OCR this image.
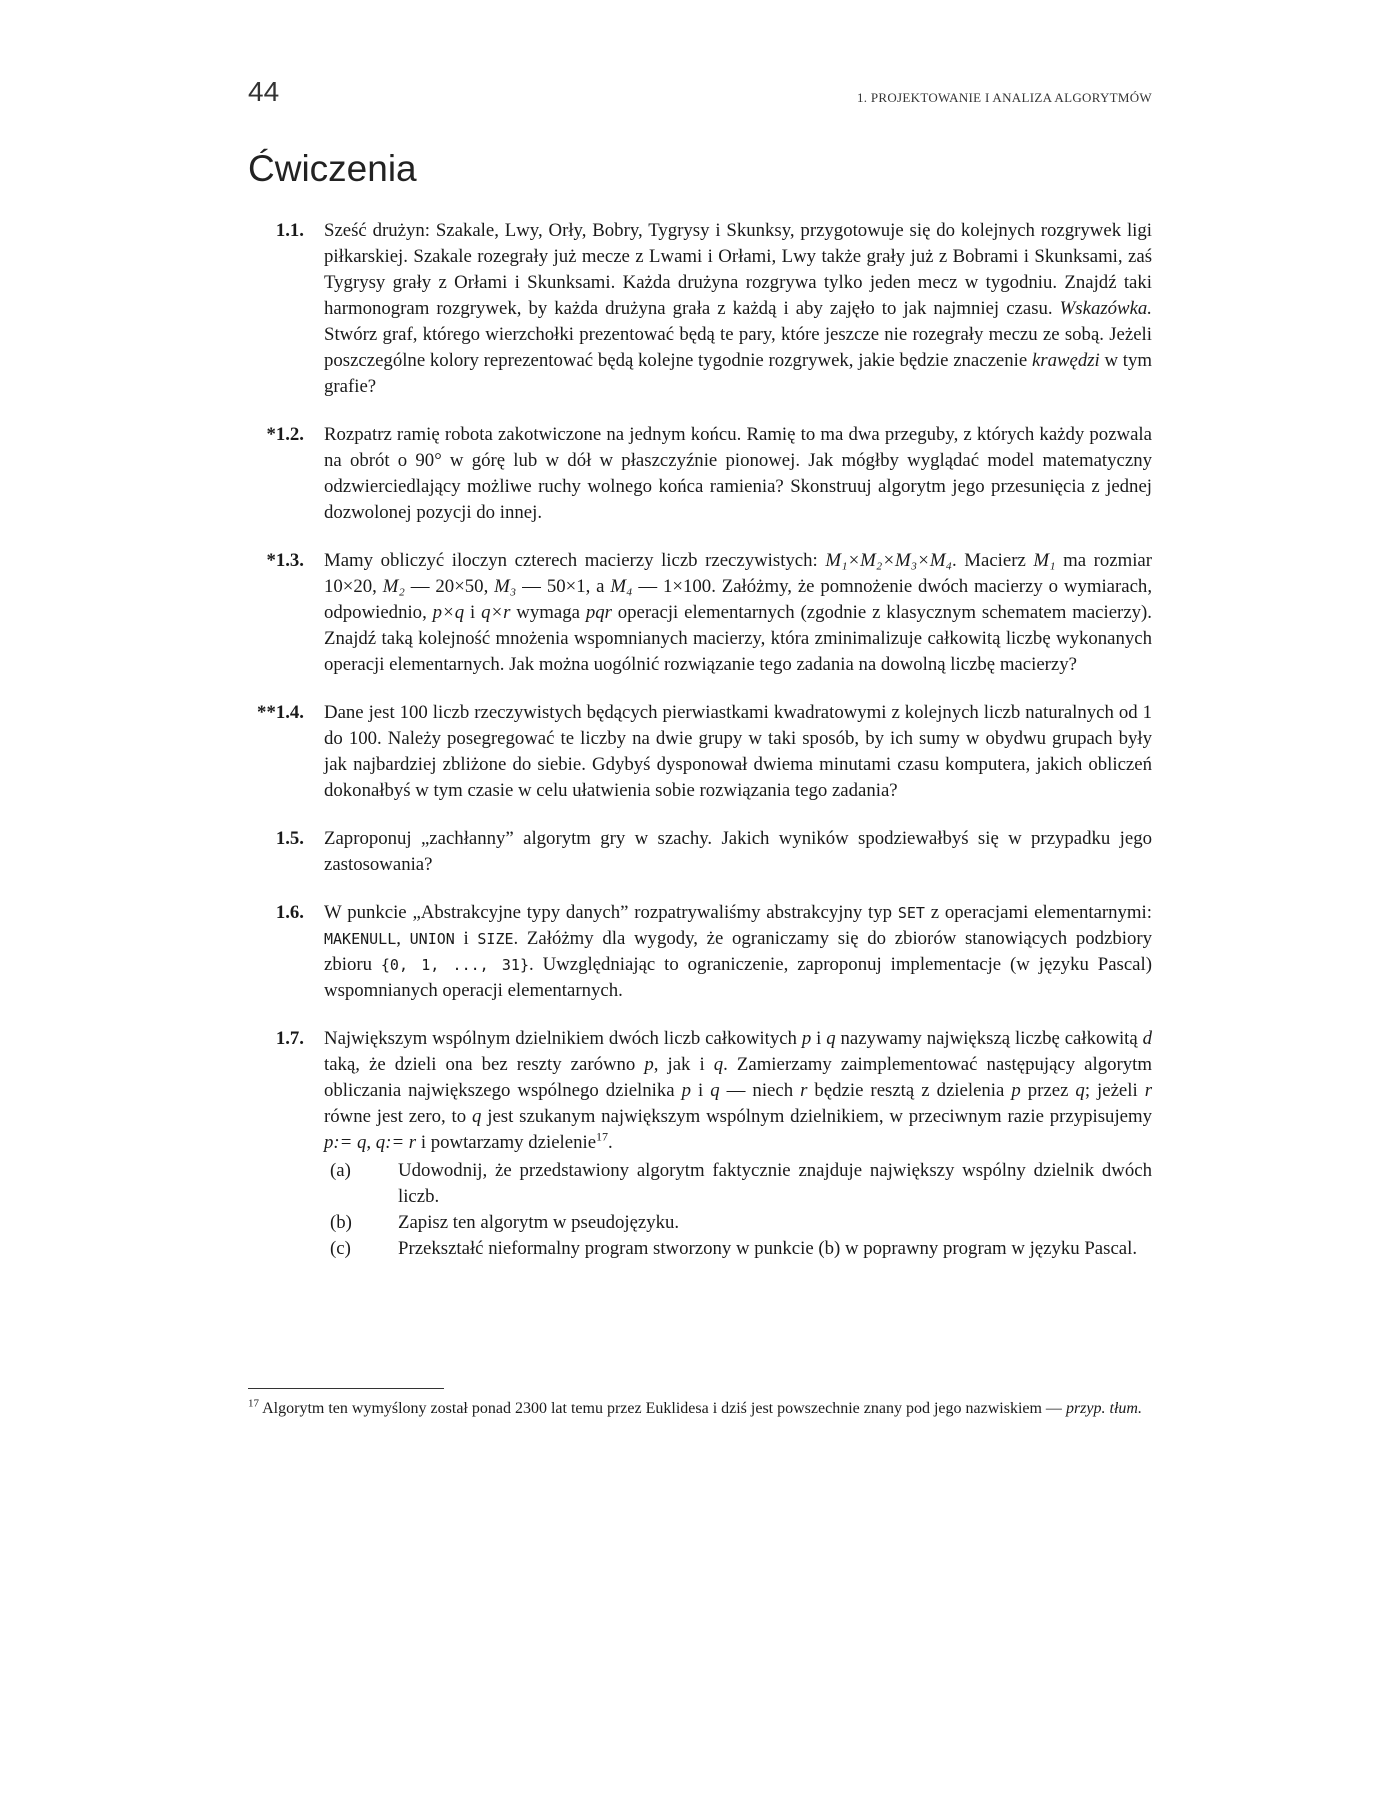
44	1. PROJEKTOWANIE I ANALIZA ALGORYTMÓW
Ćwiczenia
1.1. Sześć drużyn: Szakale, Lwy, Orły, Bobry, Tygrysy i Skunksy, przygotowuje się do kolejnych rozgrywek ligi piłkarskiej. Szakale rozegrały już mecze z Lwami i Orłami, Lwy także grały już z Bobrami i Skunksami, zaś Tygrysy grały z Orłami i Skunksami. Każda drużyna rozgrywa tylko jeden mecz w tygodniu. Znajdź taki harmonogram rozgrywek, by każda drużyna grała z każdą i aby zajęło to jak najmniej czasu. Wskazówka. Stwórz graf, którego wierzchołki prezentować będą te pary, które jeszcze nie rozegrały meczu ze sobą. Jeżeli poszczególne kolory reprezentować będą kolejne tygodnie rozgrywek, jakie będzie znaczenie krawędzi w tym grafie?

*1.2. Rozpatrz ramię robota zakotwiczone na jednym końcu. Ramię to ma dwa przeguby, z których każdy pozwala na obrót o 90° w górę lub w dół w płaszczyźnie pionowej. Jak mógłby wyglądać model matematyczny odzwierciedlający możliwe ruchy wolnego końca ramienia? Skonstruuj algorytm jego przesunięcia z jednej dozwolonej pozycji do innej.

*1.3. Mamy obliczyć iloczyn czterech macierzy liczb rzeczywistych: M₁×M₂×M₃×M₄. Macierz M₁ ma rozmiar 10×20, M₂ — 20×50, M₃ — 50×1, a M₄ — 1×100. Załóżmy, że pomnożenie dwóch macierzy o wymiarach, odpowiednio, p×q i q×r wymaga pqr operacji elementarnych (zgodnie z klasycznym schematem macierzy). Znajdź taką kolejność mnożenia wspomnianych macierzy, która zminimalizuje całkowitą liczbę wykonanych operacji elementarnych. Jak można uogólnić rozwiązanie tego zadania na dowolną liczbę macierzy?

**1.4. Dane jest 100 liczb rzeczywistych będących pierwiastkami kwadratowymi z kolejnych liczb naturalnych od 1 do 100. Należy posegregować te liczby na dwie grupy w taki sposób, by ich sumy w obydwu grupach były jak najbardziej zbliżone do siebie. Gdybyś dysponował dwiema minutami czasu komputera, jakich obliczeń dokonałbyś w tym czasie w celu ułatwienia sobie rozwiązania tego zadania?

1.5. Zaproponuj „zachłanny” algorytm gry w szachy. Jakich wyników spodziewałbyś się w przypadku jego zastosowania?

1.6. W punkcie „Abstrakcyjne typy danych” rozpatrywaliśmy abstrakcyjny typ SET z operacjami elementarnymi: MAKENULL, UNION i SIZE. Załóżmy dla wygody, że ograniczamy się do zbiorów stanowiących podzbiory zbioru {0, 1, ..., 31}. Uwzględniając to ograniczenie, zaproponuj implementacje (w języku Pascal) wspomnianych operacji elementarnych.

1.7. Największym wspólnym dzielnikiem dwóch liczb całkowitych p i q nazywamy największą liczbę całkowitą d taką, że dzieli ona bez reszty zarówno p, jak i q. Zamierzamy zaimplementować następujący algorytm obliczania największego wspólnego dzielnika p i q — niech r będzie resztą z dzielenia p przez q; jeżeli r równe jest zero, to q jest szukanym największym wspólnym dzielnikiem, w przeciwnym razie przypisujemy p:= q, q:= r i powtarzamy dzielenie$^{17}$.

(a)	Udowodnij, że przedstawiony algorytm faktycznie znajduje największy wspólny dzielnik dwóch liczb.
(b) Zapisz ten algorytm w pseudojęzyku.
(c)	Przekształć nieformalny program stworzony w punkcie (b) w poprawny program w języku Pascal.
$^{17}$ Algorytm ten wymyślony został ponad 2300 lat temu przez Euklidesa i dziś jest powszechnie znany pod jego nazwiskiem — przyp. tłum.
